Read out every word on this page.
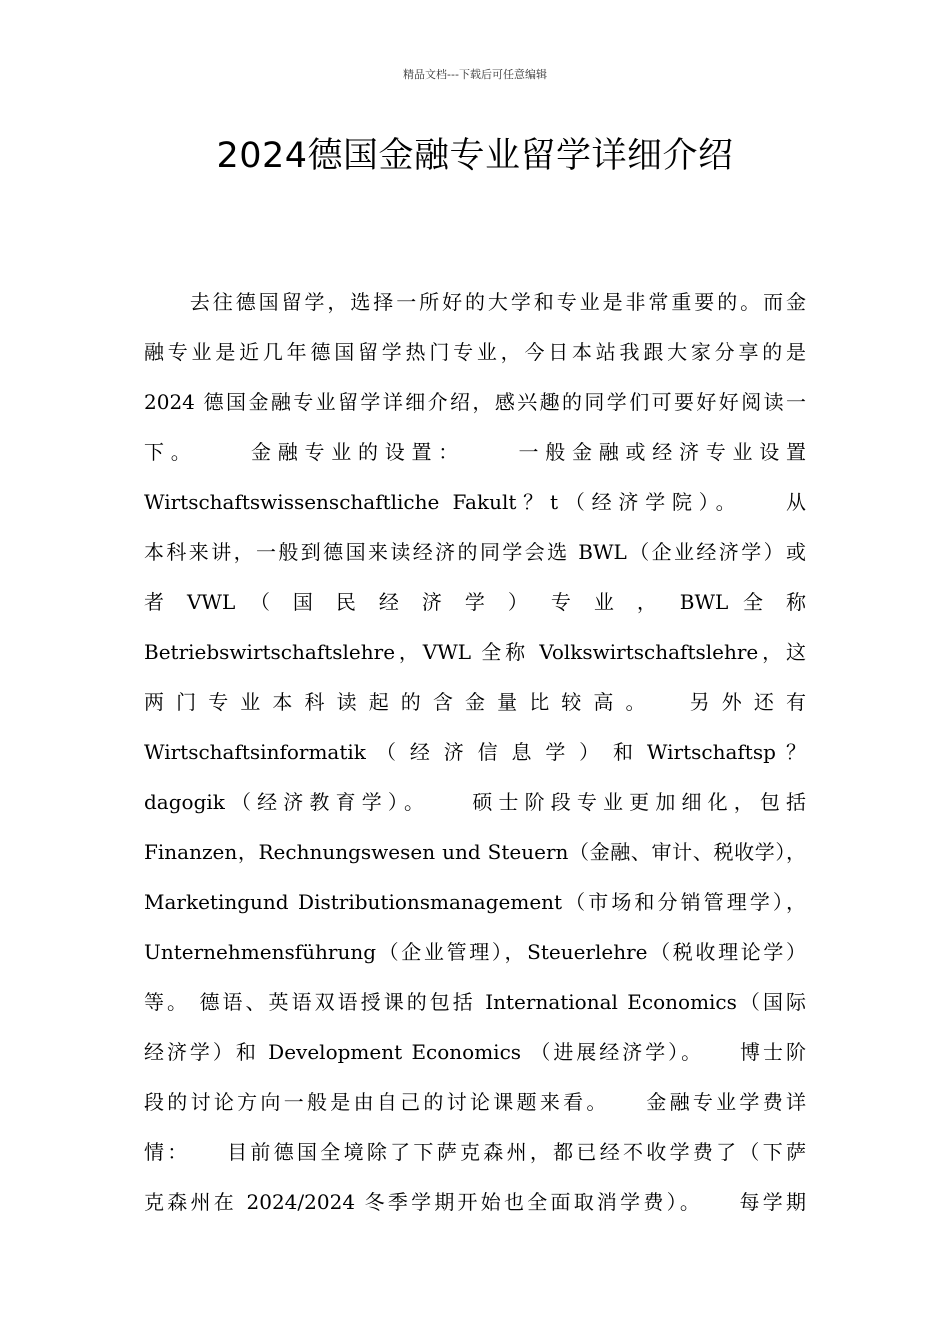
精品文档---下载后可任意编辑
2024德国金融专业留学详细介绍
　　去往德国留学，选择一所好的大学和专业是非常重要的。而金
融专业是近几年德国留学热门专业，今日本站我跟大家分享的是
2024 德国金融专业留学详细介绍，感兴趣的同学们可要好好阅读一
下 。 　 　 金 融 专 业 的 设 置 ： 　 　 一 般 金 融 或 经 济 专 业 设 置
Wirtschaftswissenschaftliche Fakult？t（经济学院）。　　从
本科来讲，一般到德国来读经济的同学会选 BWL（企业经济学）或
者 VWL （ 国 民 经 济 学 ） 专 业 ， BWL 全 称
Betriebswirtschaftslehre，VWL 全称 Volkswirtschaftslehre，这
两 门 专 业 本 科 读 起 的 含 金 量 比 较 高 。 　 另 外 还 有
Wirtschaftsinformatik （ 经 济 信 息 学 ） 和 Wirtschaftsp ？
dagogik（经济教育学）。　　硕士阶段专业更加细化，包括
Finanzen，Rechnungswesen und Steuern（金融、审计、税收学），
Marketingund Distributionsmanagement（市场和分销管理学），
Unternehmensführung（企业管理），Steuerlehre（税收理论学）
等。 德语、英语双语授课的包括 International Economics（国际
经济学）和 Development Economics （进展经济学）。　　博士阶
段的讨论方向一般是由自己的讨论课题来看。　　金融专业学费详
情：　　目前德国全境除了下萨克森州，都已经不收学费了（下萨
克森州在 2024/2024 冬季学期开始也全面取消学费）。　　每学期
